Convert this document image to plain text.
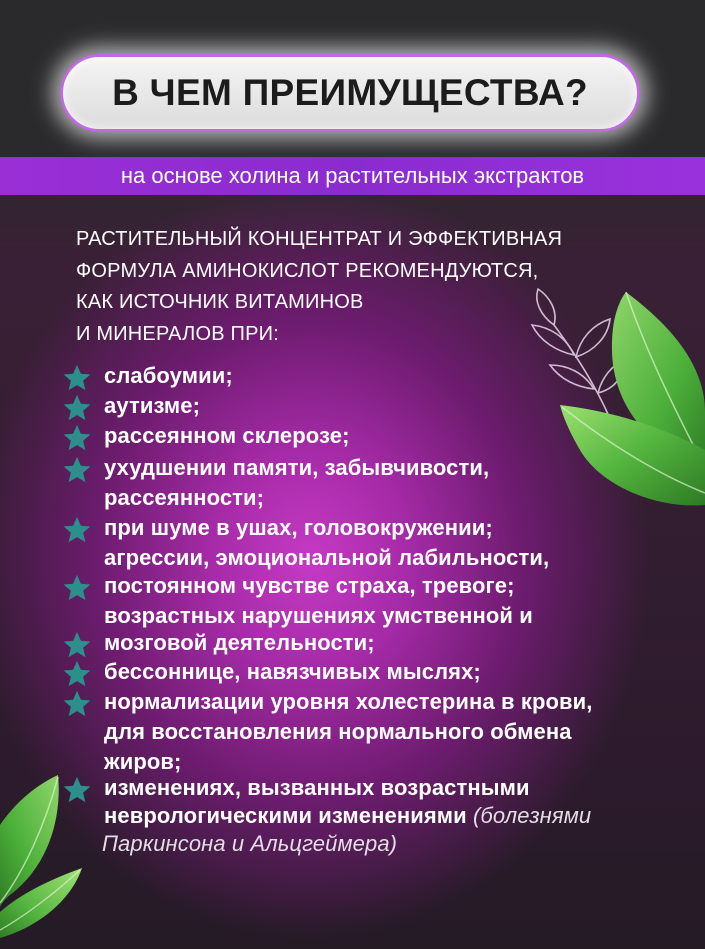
В ЧЕМ ПРЕИМУЩЕСТВА?
на основе холина и растительных экстрактов
РАСТИТЕЛЬНЫЙ КОНЦЕНТРАТ И ЭФФЕКТИВНАЯ
ФОРМУЛА АМИНОКИСЛОТ РЕКОМЕНДУЮТСЯ,
КАК ИСТОЧНИК ВИТАМИНОВ
И МИНЕРАЛОВ ПРИ:
слабоумии;
аутизме;
рассеянном склерозе;
ухудшении памяти, забывчивости,
рассеянности;
при шуме в ушах, головокружении;
агрессии, эмоциональной лабильности,
постоянном чувстве страха, тревоге;
возрастных нарушениях умственной и
мозговой деятельности;
бессоннице, навязчивых мыслях;
нормализации уровня холестерина в крови,
для восстановления нормального обмена
жиров;
изменениях, вызванных возрастными
неврологическими изменениями (болезнями
Паркинсона и Альцгеймера)
